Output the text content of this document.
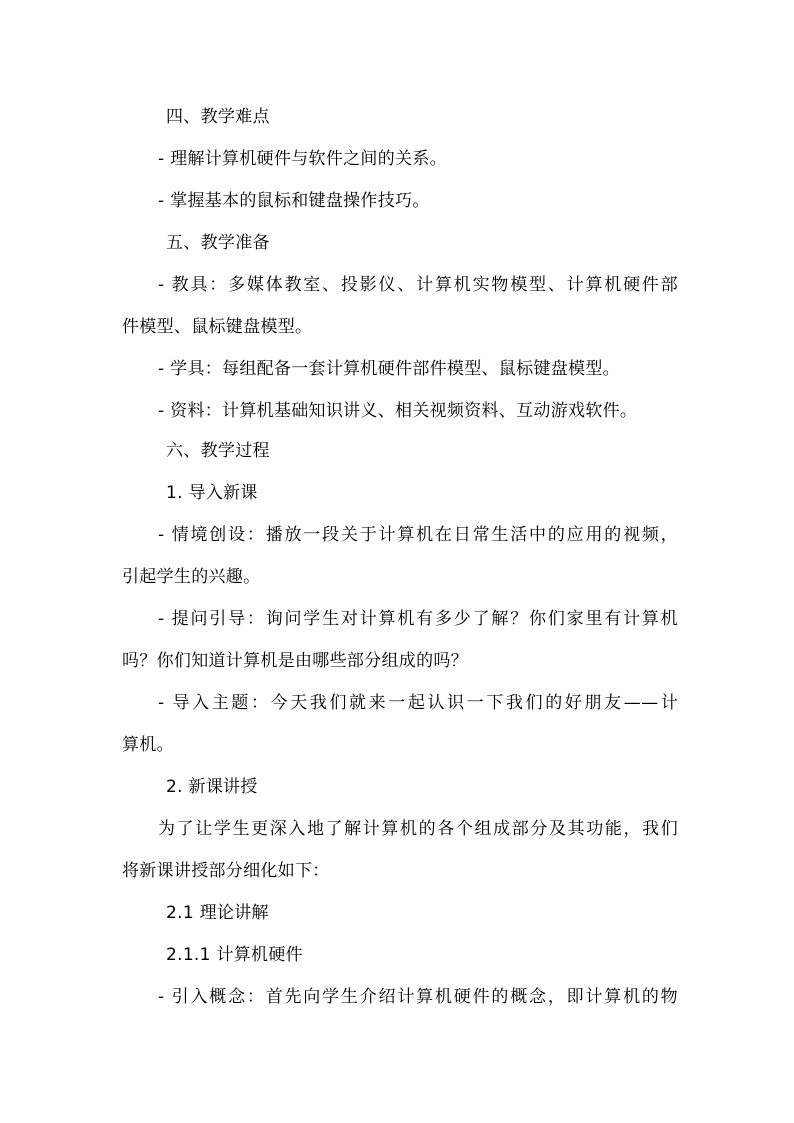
四、教学难点
- 理解计算机硬件与软件之间的关系。
- 掌握基本的鼠标和键盘操作技巧。
五、教学准备
- 教具：多媒体教室、投影仪、计算机实物模型、计算机硬件部
件模型、鼠标键盘模型。
- 学具：每组配备一套计算机硬件部件模型、鼠标键盘模型。
- 资料：计算机基础知识讲义、相关视频资料、互动游戏软件。
六、教学过程
1. 导入新课
- 情境创设：播放一段关于计算机在日常生活中的应用的视频，
引起学生的兴趣。
- 提问引导：询问学生对计算机有多少了解？你们家里有计算机
吗？你们知道计算机是由哪些部分组成的吗？
- 导入主题：今天我们就来一起认识一下我们的好朋友——计
算机。
2. 新课讲授
为了让学生更深入地了解计算机的各个组成部分及其功能，我们
将新课讲授部分细化如下：
2.1 理论讲解
2.1.1 计算机硬件
- 引入概念：首先向学生介绍计算机硬件的概念，即计算机的物
